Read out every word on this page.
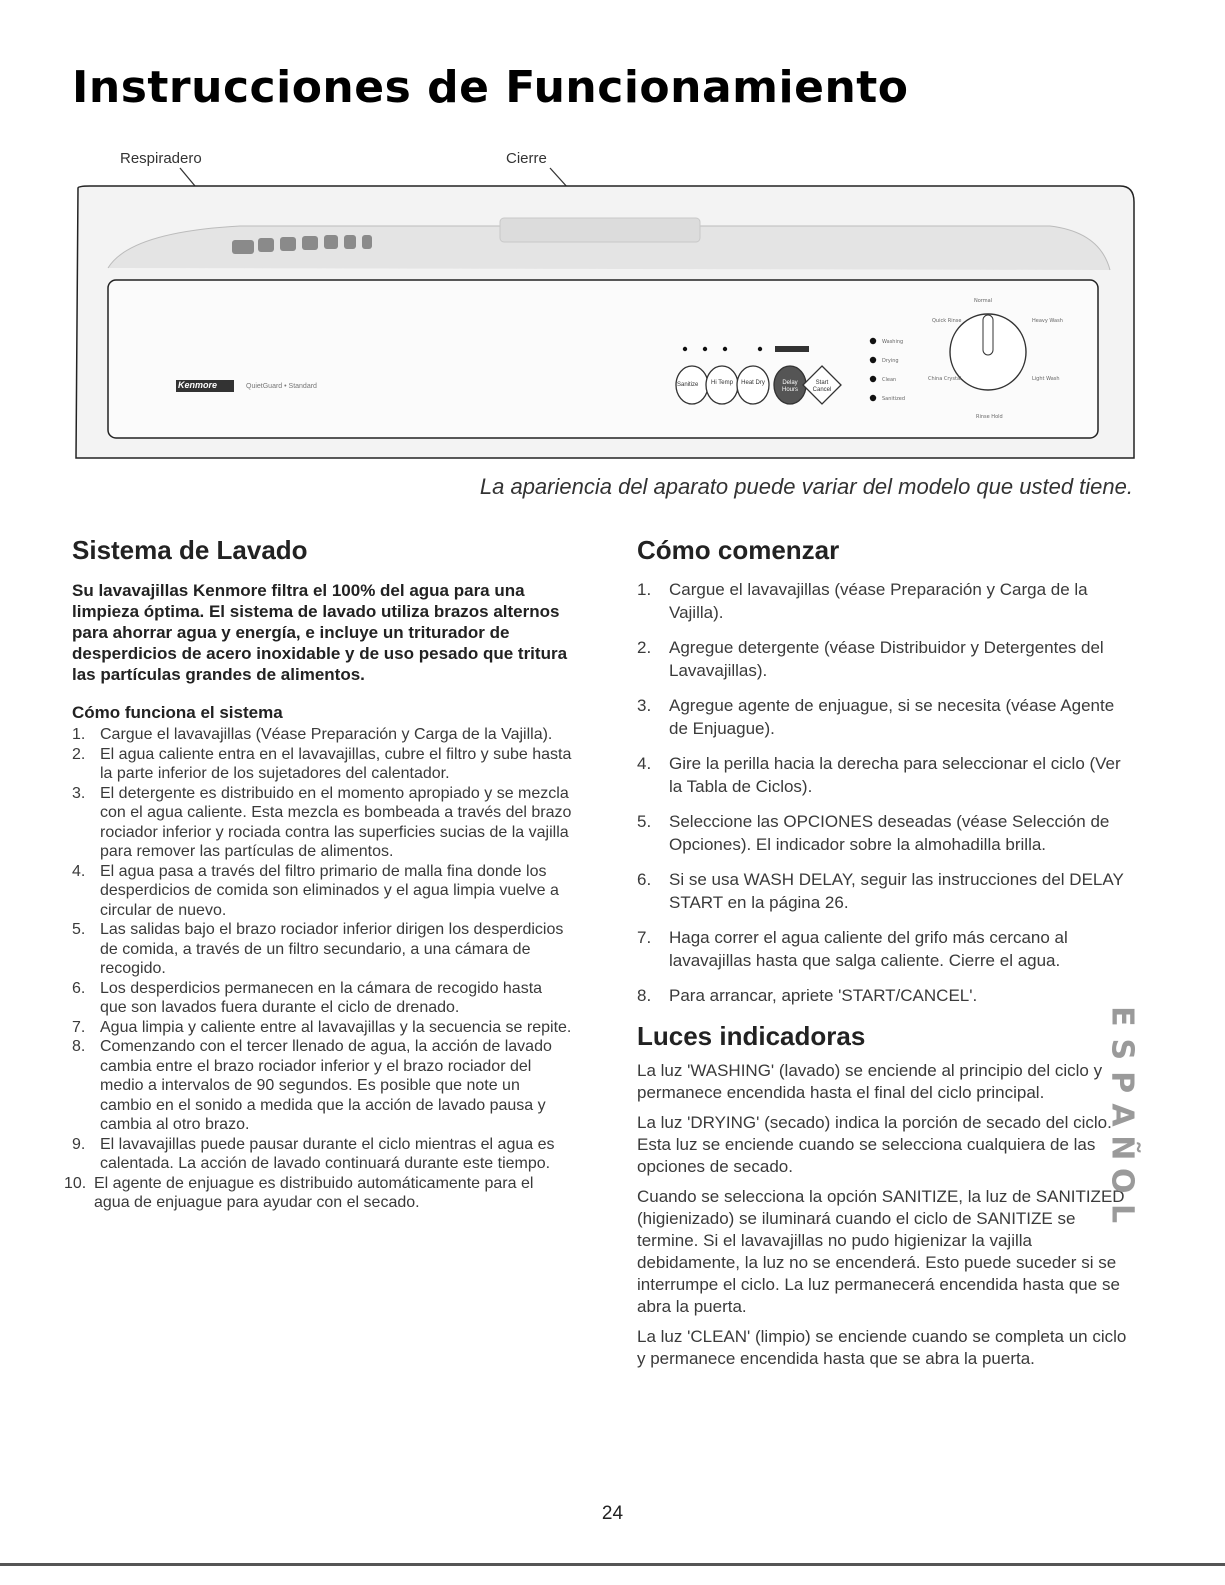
Instrucciones de Funcionamiento
Respiradero	Cierre
Washing
Drying
Clean
Sanitized
Normal
Quick Rinse	Heavy Wash
China Crystal	Light Wash
Rinse Hold
Kenmore	QuietGuard • Standard	Sanitize Hi Temp Heat Dry	Delay Hours
Start Cancel
La apariencia del aparato puede variar del modelo que usted tiene.
Sistema de Lavado

Su lavavajillas Kenmore filtra el 100% del agua para una limpieza óptima. El sistema de lavado utiliza brazos alternos para ahorrar agua y energía, e incluye un triturador de desperdicios de acero inoxidable y de uso pesado que tritura las partículas grandes de alimentos.

Cómo funciona el sistema
1. Cargue el lavavajillas (Véase Preparación y Carga de la Vajilla).
2. El agua caliente entra en el lavavajillas, cubre el filtro y sube hasta la parte inferior de los sujetadores del calentador.
3. El detergente es distribuido en el momento apropiado y se mezcla con el agua caliente. Esta mezcla es bombeada a través del brazo rociador inferior y rociada contra las superficies sucias de la vajilla para remover las partículas de alimentos.
4. El agua pasa a través del filtro primario de malla fina donde los desperdicios de comida son eliminados y el agua limpia vuelve a circular de nuevo.
5. Las salidas bajo el brazo rociador inferior dirigen los desperdicios de comida, a través de un filtro secundario, a una cámara de recogido.
6. Los desperdicios permanecen en la cámara de recogido hasta que son lavados fuera durante el ciclo de drenado.
7. Agua limpia y caliente entre al lavavajillas y la secuencia se repite.
8. Comenzando con el tercer llenado de agua, la acción de lavado cambia entre el brazo rociador inferior y el brazo rociador del medio a intervalos de 90 segundos. Es posible que note un cambio en el sonido a medida que la acción de lavado pausa y cambia al otro brazo.
9. El lavavajillas puede pausar durante el ciclo mientras el agua es calentada. La acción de lavado continuará durante este tiempo.
10. El agente de enjuague es distribuido automáticamente para el agua de enjuague para ayudar con el secado.
Cómo comenzar
1.	Cargue el lavavajillas (véase Preparación y Carga de la Vajilla).
2.	Agregue detergente (véase Distribuidor y Detergentes del Lavavajillas).
3.	Agregue agente de enjuague, si se necesita (véase Agente de Enjuague).
4.	Gire la perilla hacia la derecha para seleccionar el ciclo (Ver la Tabla de Ciclos).
5.	Seleccione las OPCIONES deseadas (véase Selección de Opciones). El indicador sobre la almohadilla brilla.
6.	Si se usa WASH DELAY, seguir las instrucciones del DELAY START en la página 26.
7.	Haga correr el agua caliente del grifo más cercano al lavavajillas hasta que salga caliente. Cierre el agua.
8.	Para arrancar, apriete 'START/CANCEL'.
Luces indicadoras

La luz 'WASHING' (lavado) se enciende al principio del ciclo y permanece encendida hasta el final del ciclo principal.

La luz 'DRYING' (secado) indica la porción de secado del ciclo. Esta luz se enciende cuando se selecciona cualquiera de las opciones de secado.

Cuando se selecciona la opción SANITIZE, la luz de SANITIZED (higienizado) se iluminará cuando el ciclo de SANITIZE se termine. Si el lavavajillas no pudo higienizar la vajilla debidamente, la luz no se encenderá. Esto puede suceder si se interrumpe el ciclo. La luz permanecerá encendida hasta que se abra la puerta.

La luz 'CLEAN' (limpio) se enciende cuando se completa un ciclo y permanece encendida hasta que se abra la puerta.

E
S
P
A
Ñ
O
L
24
